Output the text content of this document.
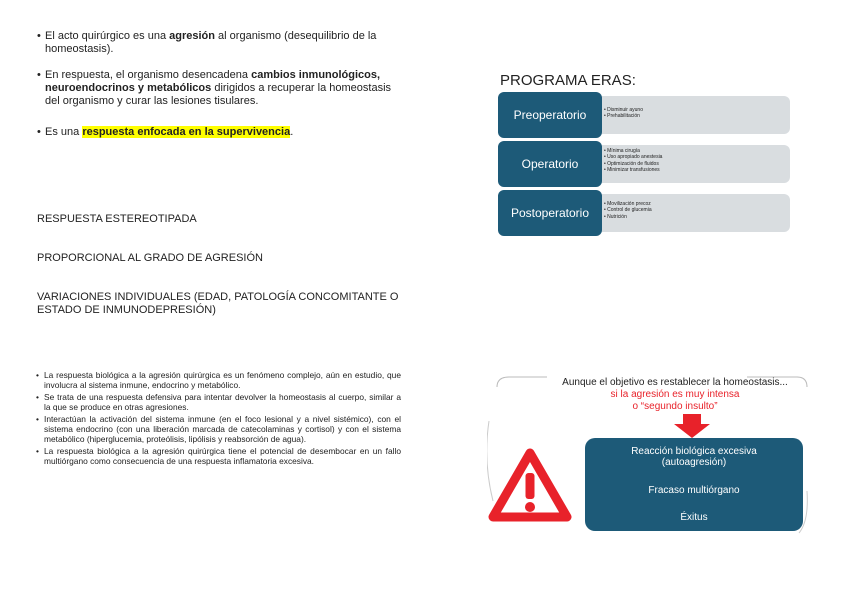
• El acto quirúrgico es una agresión al organismo (desequilibrio de la homeostasis).
• En respuesta, el organismo desencadena cambios inmunológicos, neuroendocrinos y metabólicos dirigidos a recuperar la homeostasis del organismo y curar las lesiones tisulares.
• Es una respuesta enfocada en la supervivencia.
RESPUESTA ESTEREOTIPADA
PROPORCIONAL AL GRADO DE AGRESIÓN
VARIACIONES INDIVIDUALES (EDAD, PATOLOGÍA CONCOMITANTE O ESTADO DE INMUNODEPRESIÓN)
PROGRAMA ERAS:
Preoperatorio	• Disminuir ayuno
• Prehabilitación
Operatorio
• Mínima cirugía
• Uso apropiado anestesia
• Optimización de fluidos
• Minimizar transfusiones
Postoperatorio
• Movilización precoz
• Control de glucemia
• Nutrición
• La respuesta biológica a la agresión quirúrgica es un fenómeno complejo, aún en estudio, que involucra al sistema inmune, endocrino y metabólico.
• Se trata de una respuesta defensiva para intentar devolver la homeostasis al cuerpo, similar a la que se produce en otras agresiones.
• Interactúan la activación del sistema inmune (en el foco lesional y a nivel sistémico), con el sistema endocrino (con una liberación marcada de catecolaminas y cortisol) y con el sistema metabólico (hiperglucemia, proteólisis, lipólisis y reabsorción de agua).
• La respuesta biológica a la agresión quirúrgica tiene el potencial de desembocar en un fallo multiórgano como consecuencia de una respuesta inflamatoria excesiva.
Aunque el objetivo es restablecer la homeostasis...
si la agresión es muy intensa
o “segundo insulto”
Reacción biológica excesiva
(autoagresión)
Fracaso multiórgano
Éxitus
